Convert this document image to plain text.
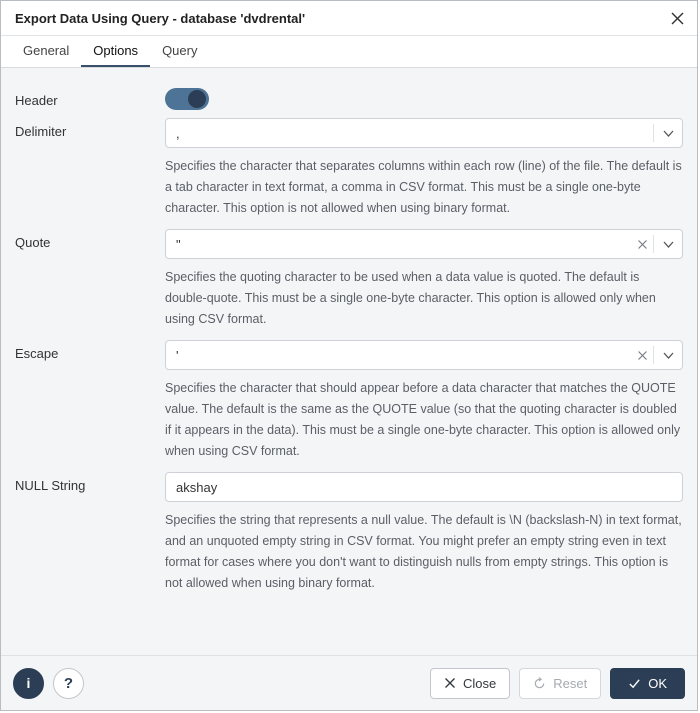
Export Data Using Query - database 'dvdrental'
General	Options	Query
Header
Delimiter	,
Specifies the character that separates columns within each row (line) of the file. The default is a tab character in text format, a comma in CSV format. This must be a single one-byte character. This option is not allowed when using binary format.
Quote	"
Specifies the quoting character to be used when a data value is quoted. The default is double-quote. This must be a single one-byte character. This option is allowed only when using CSV format.
Escape	'
Specifies the character that should appear before a data character that matches the QUOTE value. The default is the same as the QUOTE value (so that the quoting character is doubled if it appears in the data). This must be a single one-byte character. This option is allowed only when using CSV format.
NULL String	akshay
Specifies the string that represents a null value. The default is \N (backslash-N) in text format, and an unquoted empty string in CSV format. You might prefer an empty string even in text format for cases where you don't want to distinguish nulls from empty strings. This option is not allowed when using binary format.
i	?	Close	Reset	OK
